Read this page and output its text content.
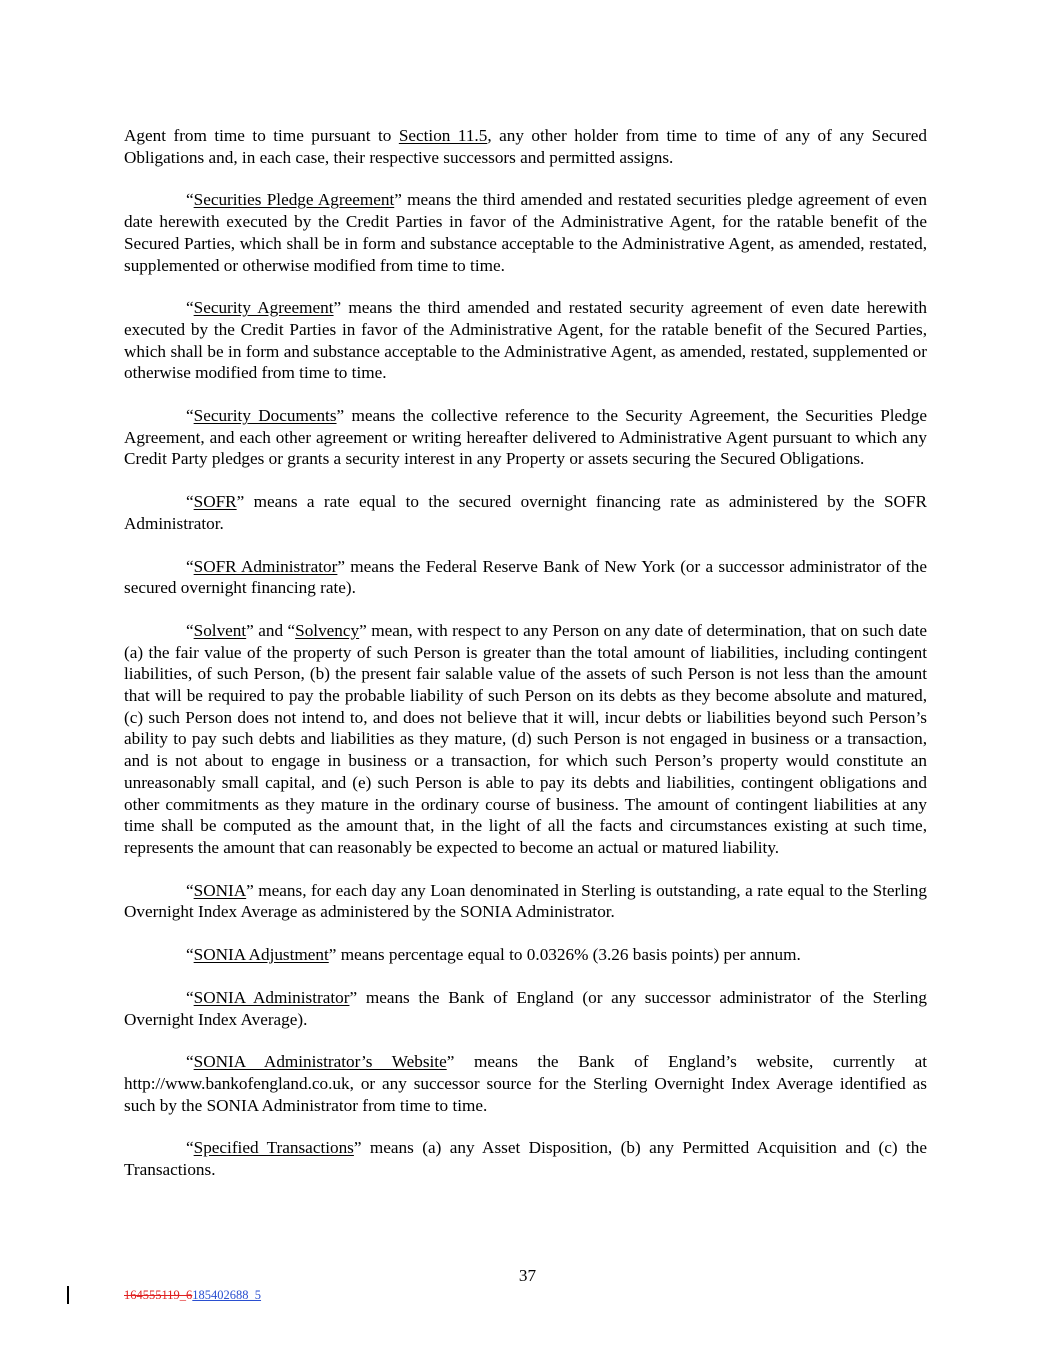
Agent from time to time pursuant to Section 11.5, any other holder from time to time of any of any Secured Obligations and, in each case, their respective successors and permitted assigns.

“Securities Pledge Agreement” means the third amended and restated securities pledge agreement of even date herewith executed by the Credit Parties in favor of the Administrative Agent, for the ratable benefit of the Secured Parties, which shall be in form and substance acceptable to the Administrative Agent, as amended, restated, supplemented or otherwise modified from time to time.

“Security Agreement” means the third amended and restated security agreement of even date herewith executed by the Credit Parties in favor of the Administrative Agent, for the ratable benefit of the Secured Parties, which shall be in form and substance acceptable to the Administrative Agent, as amended, restated, supplemented or otherwise modified from time to time.

“Security Documents” means the collective reference to the Security Agreement, the Securities Pledge Agreement, and each other agreement or writing hereafter delivered to Administrative Agent pursuant to which any Credit Party pledges or grants a security interest in any Property or assets securing the Secured Obligations.

“SOFR” means a rate equal to the secured overnight financing rate as administered by the SOFR Administrator.

“SOFR Administrator” means the Federal Reserve Bank of New York (or a successor administrator of the secured overnight financing rate).

“Solvent” and “Solvency” mean, with respect to any Person on any date of determination, that on such date (a) the fair value of the property of such Person is greater than the total amount of liabilities, including contingent liabilities, of such Person, (b) the present fair salable value of the assets of such Person is not less than the amount that will be required to pay the probable liability of such Person on its debts as they become absolute and matured, (c) such Person does not intend to, and does not believe that it will, incur debts or liabilities beyond such Person’s ability to pay such debts and liabilities as they mature, (d) such Person is not engaged in business or a transaction, and is not about to engage in business or a transaction, for which such Person’s property would constitute an unreasonably small capital, and (e) such Person is able to pay its debts and liabilities, contingent obligations and other commitments as they mature in the ordinary course of business. The amount of contingent liabilities at any time shall be computed as the amount that, in the light of all the facts and circumstances existing at such time, represents the amount that can reasonably be expected to become an actual or matured liability.

“SONIA” means, for each day any Loan denominated in Sterling is outstanding, a rate equal to the Sterling Overnight Index Average as administered by the SONIA Administrator.

“SONIA Adjustment” means percentage equal to 0.0326% (3.26 basis points) per annum.

“SONIA Administrator” means the Bank of England (or any successor administrator of the Sterling Overnight Index Average).

“SONIA Administrator’s Website” means the Bank of England’s website, currently at http://www.bankofengland.co.uk, or any successor source for the Sterling Overnight Index Average identified as such by the SONIA Administrator from time to time.

“Specified Transactions” means (a) any Asset Disposition, (b) any Permitted Acquisition and (c) the Transactions.

37
164555119_6185402688_5
